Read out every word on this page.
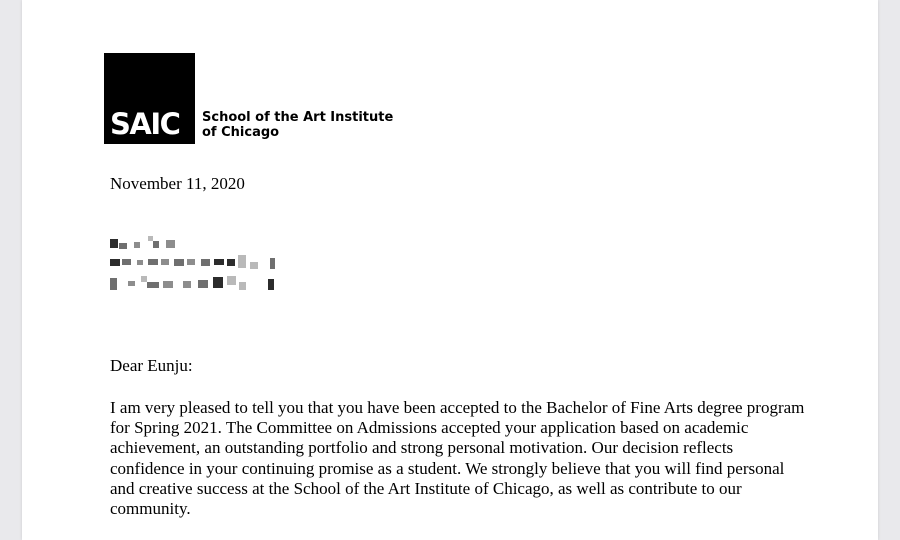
SAIC School of the Art Institute
of Chicago
November 11, 2020
Dear Eunju:
I am very pleased to tell you that you have been accepted to the Bachelor of Fine Arts degree program for Spring 2021. The Committee on Admissions accepted your application based on academic achievement, an outstanding portfolio and strong personal motivation. Our decision reflects confidence in your continuing promise as a student. We strongly believe that you will find personal and creative success at the School of the Art Institute of Chicago, as well as contribute to our community.
